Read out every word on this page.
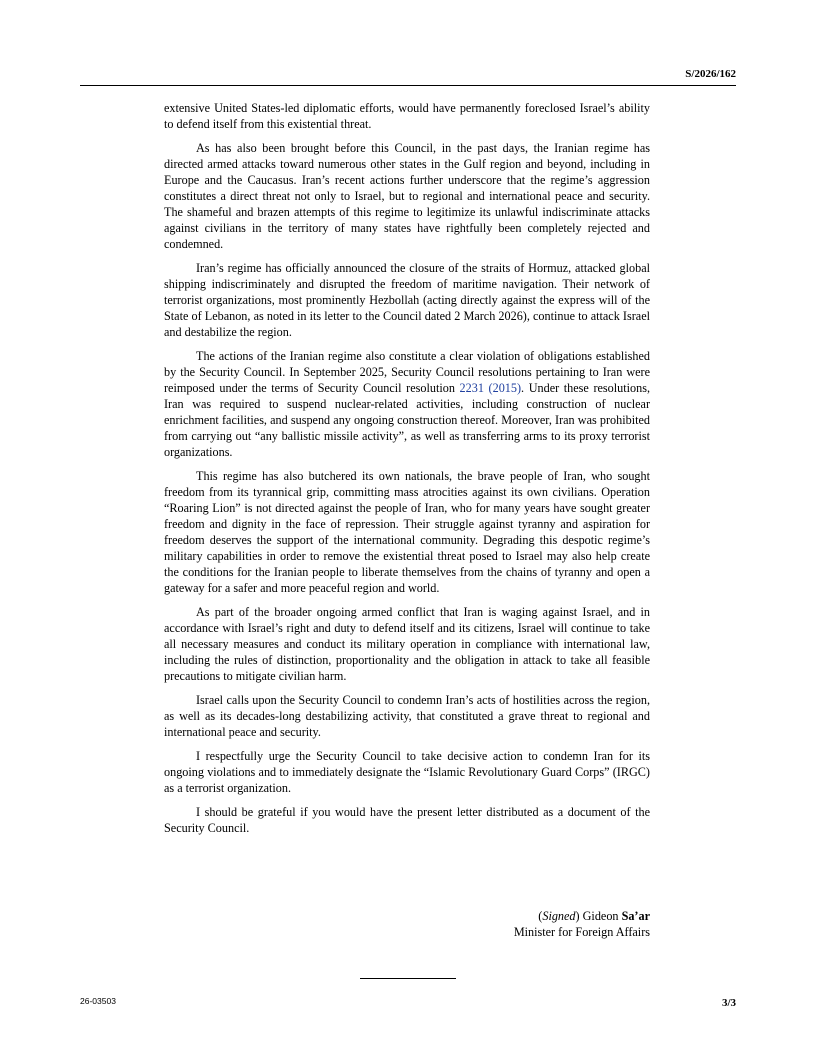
S/2026/162

extensive United States-led diplomatic efforts, would have permanently foreclosed Israel’s ability to defend itself from this existential threat.

As has also been brought before this Council, in the past days, the Iranian regime has directed armed attacks toward numerous other states in the Gulf region and beyond, including in Europe and the Caucasus. Iran’s recent actions further underscore that the regime’s aggression constitutes a direct threat not only to Israel, but to regional and international peace and security. The shameful and brazen attempts of this regime to legitimize its unlawful indiscriminate attacks against civilians in the territory of many states have rightfully been completely rejected and condemned.

Iran’s regime has officially announced the closure of the straits of Hormuz, attacked global shipping indiscriminately and disrupted the freedom of maritime navigation. Their network of terrorist organizations, most prominently Hezbollah (acting directly against the express will of the State of Lebanon, as noted in its letter to the Council dated 2 March 2026), continue to attack Israel and destabilize the region.

The actions of the Iranian regime also constitute a clear violation of obligations established by the Security Council. In September 2025, Security Council resolutions pertaining to Iran were reimposed under the terms of Security Council resolution 2231 (2015). Under these resolutions, Iran was required to suspend nuclear-related activities, including construction of nuclear enrichment facilities, and suspend any ongoing construction thereof. Moreover, Iran was prohibited from carrying out “any ballistic missile activity”, as well as transferring arms to its proxy terrorist organizations.

This regime has also butchered its own nationals, the brave people of Iran, who sought freedom from its tyrannical grip, committing mass atrocities against its own civilians. Operation “Roaring Lion” is not directed against the people of Iran, who for many years have sought greater freedom and dignity in the face of repression. Their struggle against tyranny and aspiration for freedom deserves the support of the international community. Degrading this despotic regime’s military capabilities in order to remove the existential threat posed to Israel may also help create the conditions for the Iranian people to liberate themselves from the chains of tyranny and open a gateway for a safer and more peaceful region and world.

As part of the broader ongoing armed conflict that Iran is waging against Israel, and in accordance with Israel’s right and duty to defend itself and its citizens, Israel will continue to take all necessary measures and conduct its military operation in compliance with international law, including the rules of distinction, proportionality and the obligation in attack to take all feasible precautions to mitigate civilian harm.

Israel calls upon the Security Council to condemn Iran’s acts of hostilities across the region, as well as its decades-long destabilizing activity, that constituted a grave threat to regional and international peace and security.

I respectfully urge the Security Council to take decisive action to condemn Iran for its ongoing violations and to immediately designate the “Islamic Revolutionary Guard Corps” (IRGC) as a terrorist organization.

I should be grateful if you would have the present letter distributed as a document of the Security Council.

(Signed) Gideon Sa’ar
Minister for Foreign Affairs
26-03503	3/3
